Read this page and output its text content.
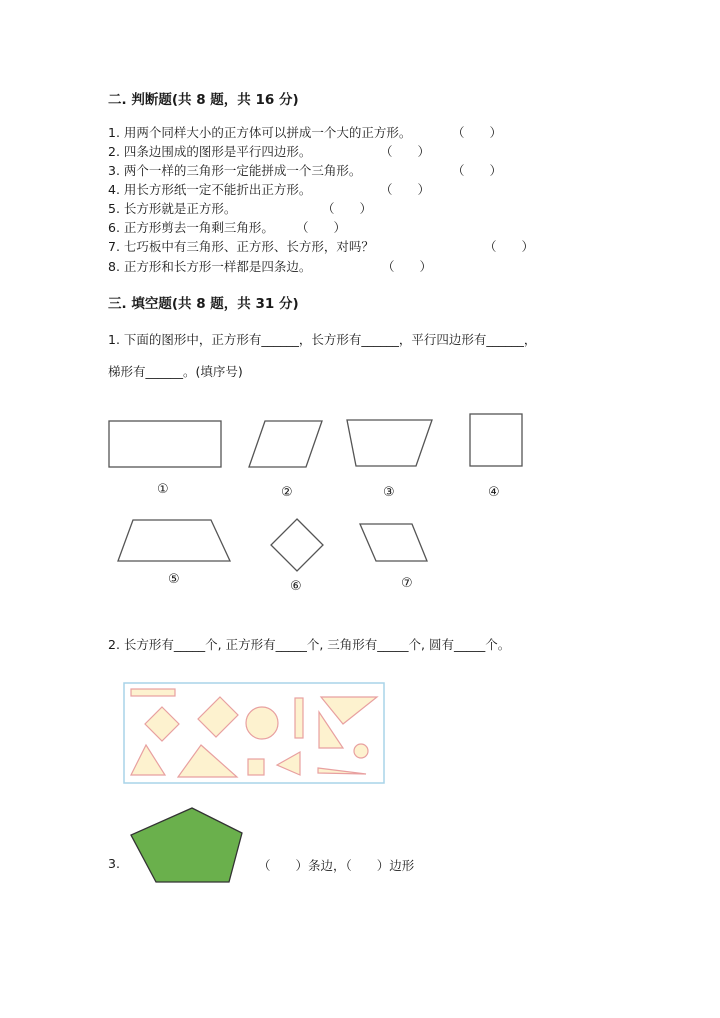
二. 判断题(共 8 题，共 16 分)
1. 用两个同样大小的正方体可以拼成一个大的正方形。	（　　）
2. 四条边围成的图形是平行四边形。	（　　）
3. 两个一样的三角形一定能拼成一个三角形。	（　　）
4. 用长方形纸一定不能折出正方形。	（　　）
5. 长方形就是正方形。	（　　）
6. 正方形剪去一角剩三角形。 （　　）
7. 七巧板中有三角形、正方形、长方形，对吗？	（　　）
8. 正方形和长方形一样都是四条边。	（　　）
三. 填空题(共 8 题，共 31 分)
1. 下面的图形中，正方形有______，长方形有______，平行四边形有______，
梯形有______。(填序号)
①	②	③	④
⑤	⑥	⑦
2. 长方形有_____个, 正方形有_____个, 三角形有_____个, 圆有_____个。
3.	（　　）条边，（　　）边形
